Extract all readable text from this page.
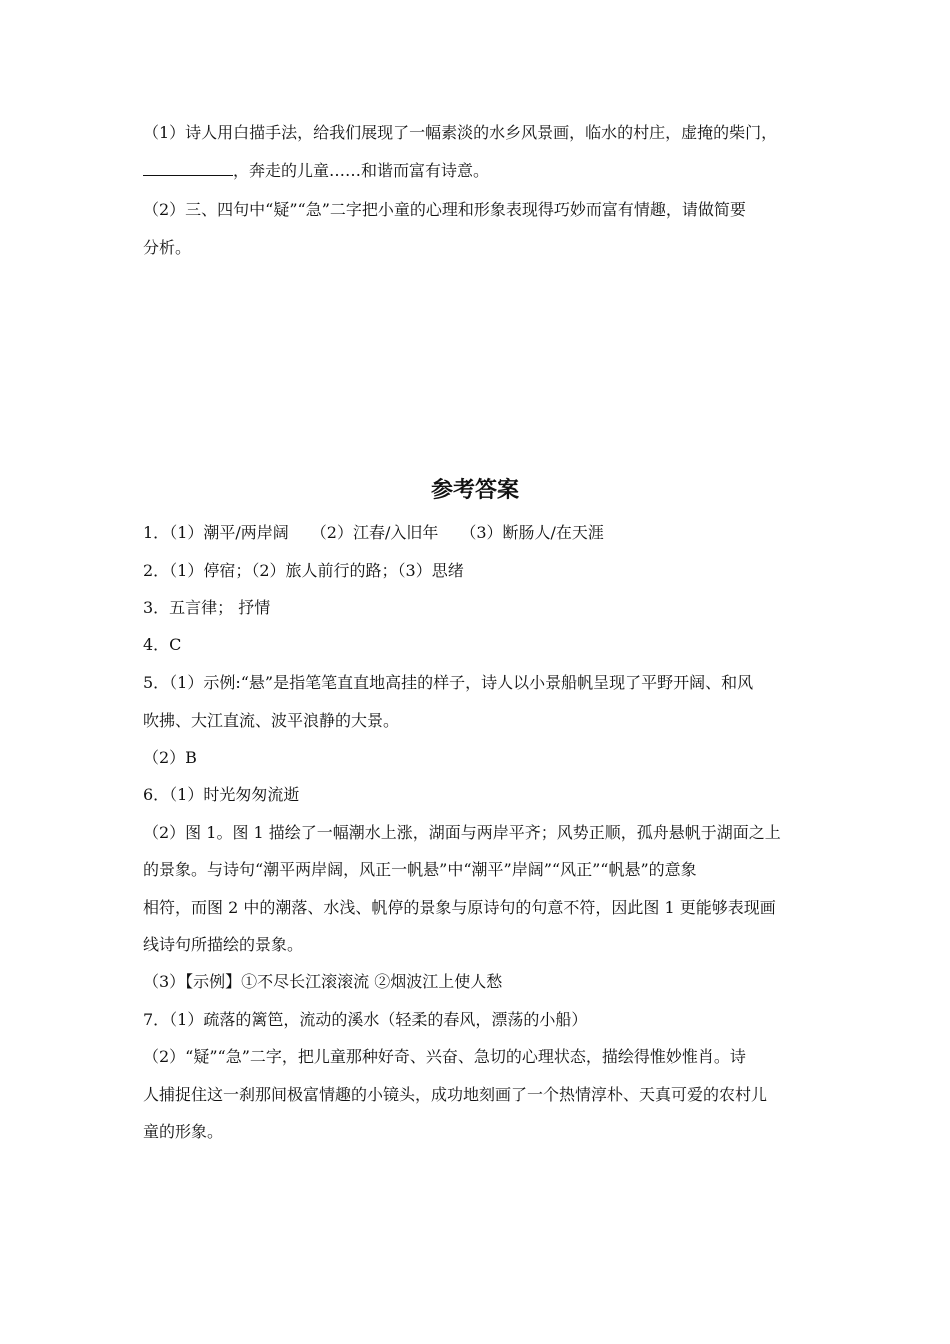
（1）诗人用白描手法，给我们展现了一幅素淡的水乡风景画，临水的村庄，虚掩的柴门，
，奔走的儿童……和谐而富有诗意。
（2）三、四句中“疑”“急”二字把小童的心理和形象表现得巧妙而富有情趣，请做简要
分析。
参考答案
1．（1）潮平/两岸阔 （2）江春/入旧年 （3）断肠人/在天涯
2．（1）停宿；（2）旅人前行的路；（3）思绪
3．五言律； 抒情
4．C
5．（1）示例:“悬”是指笔笔直直地高挂的样子，诗人以小景船帆呈现了平野开阔、和风
吹拂、大江直流、波平浪静的大景。
（2）B
6．（1）时光匆匆流逝
（2）图 1。图 1 描绘了一幅潮水上涨，湖面与两岸平齐；风势正顺，孤舟悬帆于湖面之上
的景象。与诗句“潮平两岸阔，风正一帆悬”中“潮平”岸阔”“风正”“帆悬”的意象
相符，而图 2 中的潮落、水浅、帆停的景象与原诗句的句意不符，因此图 1 更能够表现画
线诗句所描绘的景象。
（3）【示例】①不尽长江滚滚流 ②烟波江上使人愁
7．（1）疏落的篱笆，流动的溪水（轻柔的春风，漂荡的小船）
（2）“疑”“急”二字，把儿童那种好奇、兴奋、急切的心理状态，描绘得惟妙惟肖。诗
人捕捉住这一刹那间极富情趣的小镜头，成功地刻画了一个热情淳朴、天真可爱的农村儿
童的形象。
